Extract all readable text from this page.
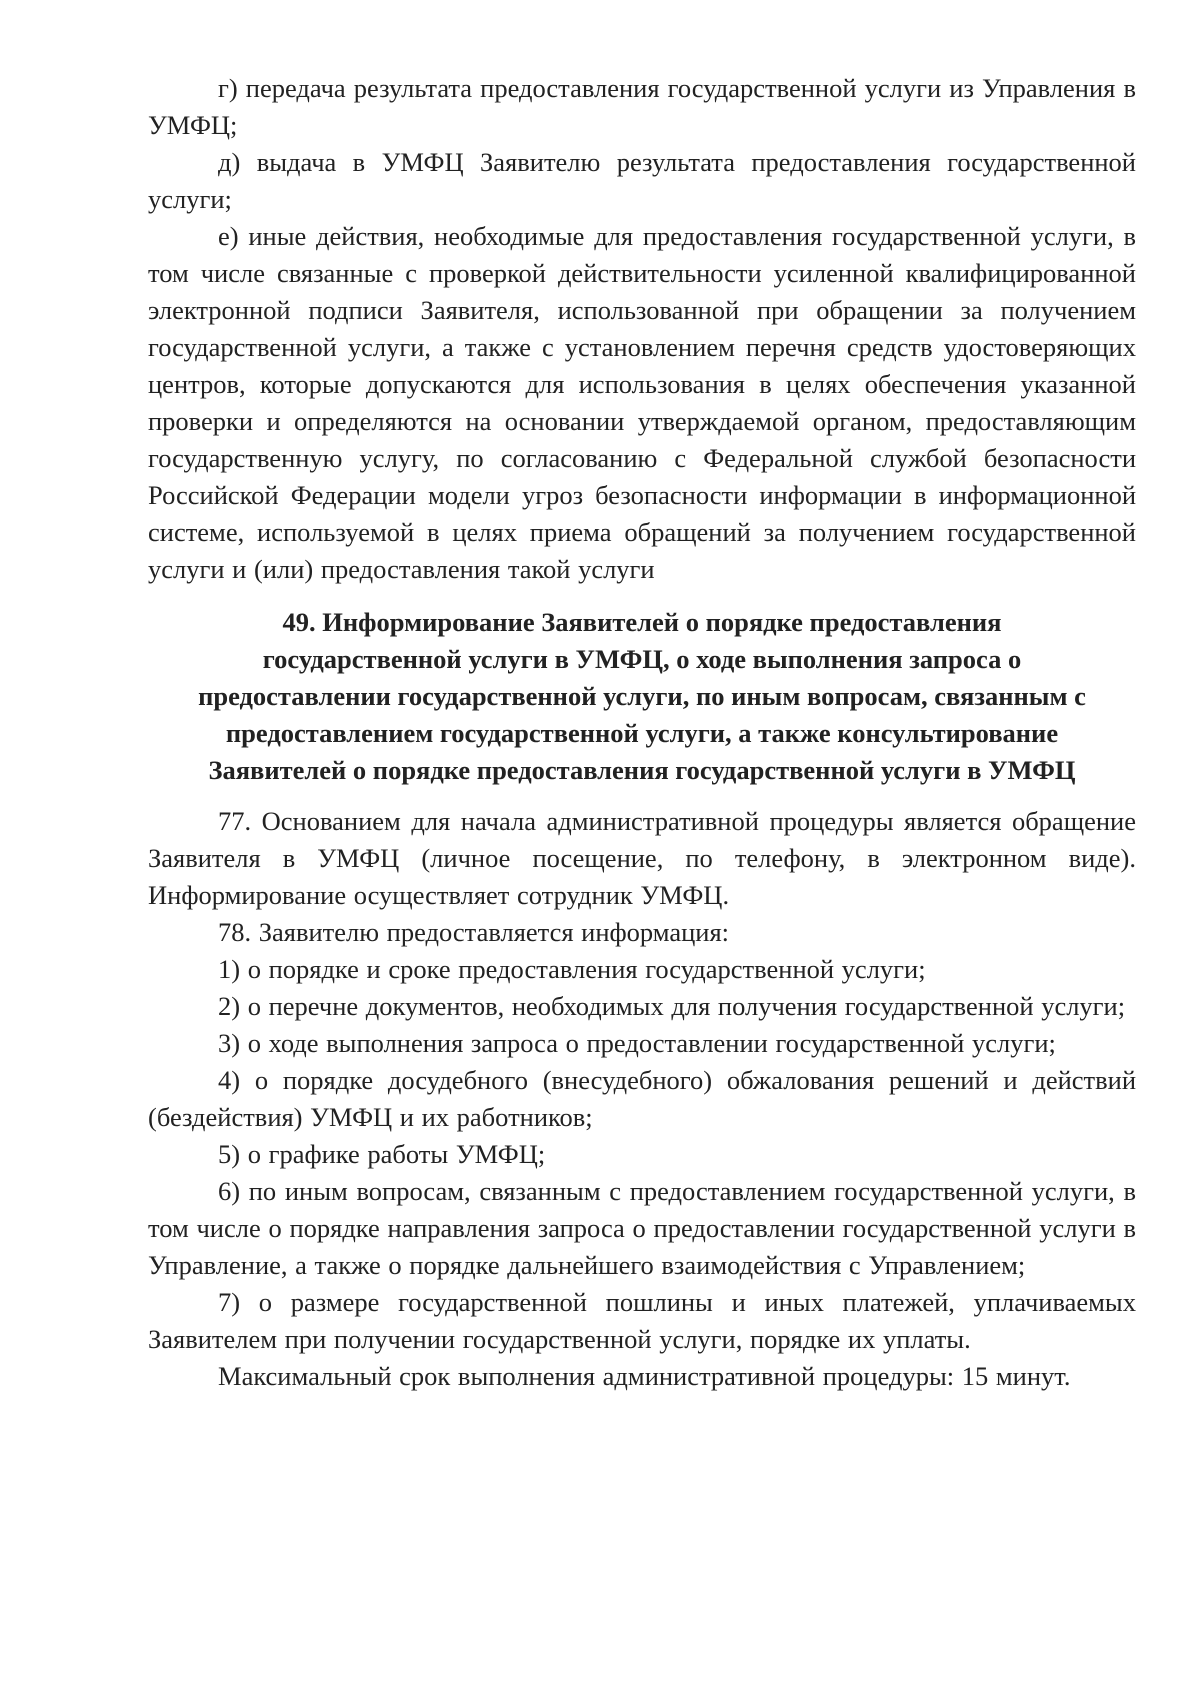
г) передача результата предоставления государственной услуги из Управления в УМФЦ;

д) выдача в УМФЦ Заявителю результата предоставления государственной услуги;

е) иные действия, необходимые для предоставления государственной услуги, в том числе связанные с проверкой действительности усиленной квалифицированной электронной подписи Заявителя, использованной при обращении за получением государственной услуги, а также с установлением перечня средств удостоверяющих центров, которые допускаются для использования в целях обеспечения указанной проверки и определяются на основании утверждаемой органом, предоставляющим государственную услугу, по согласованию с Федеральной службой безопасности Российской Федерации модели угроз безопасности информации в информационной системе, используемой в целях приема обращений за получением государственной услуги и (или) предоставления такой услуги

49. Информирование Заявителей о порядке предоставления
государственной услуги в УМФЦ, о ходе выполнения запроса о
предоставлении государственной услуги, по иным вопросам, связанным с
предоставлением государственной услуги, а также консультирование
Заявителей о порядке предоставления государственной услуги в УМФЦ

77. Основанием для начала административной процедуры является обращение Заявителя в УМФЦ (личное посещение, по телефону, в электронном виде). Информирование осуществляет сотрудник УМФЦ.

78. Заявителю предоставляется информация:

1) о порядке и сроке предоставления государственной услуги;

2) о перечне документов, необходимых для получения государственной услуги;

3) о ходе выполнения запроса о предоставлении государственной услуги;

4) о порядке досудебного (внесудебного) обжалования решений и действий (бездействия) УМФЦ и их работников;

5) о графике работы УМФЦ;

6) по иным вопросам, связанным с предоставлением государственной услуги, в том числе о порядке направления запроса о предоставлении государственной услуги в Управление, а также о порядке дальнейшего взаимодействия с Управлением;

7) о размере государственной пошлины и иных платежей, уплачиваемых Заявителем при получении государственной услуги, порядке их уплаты.

Максимальный срок выполнения административной процедуры: 15 минут.
